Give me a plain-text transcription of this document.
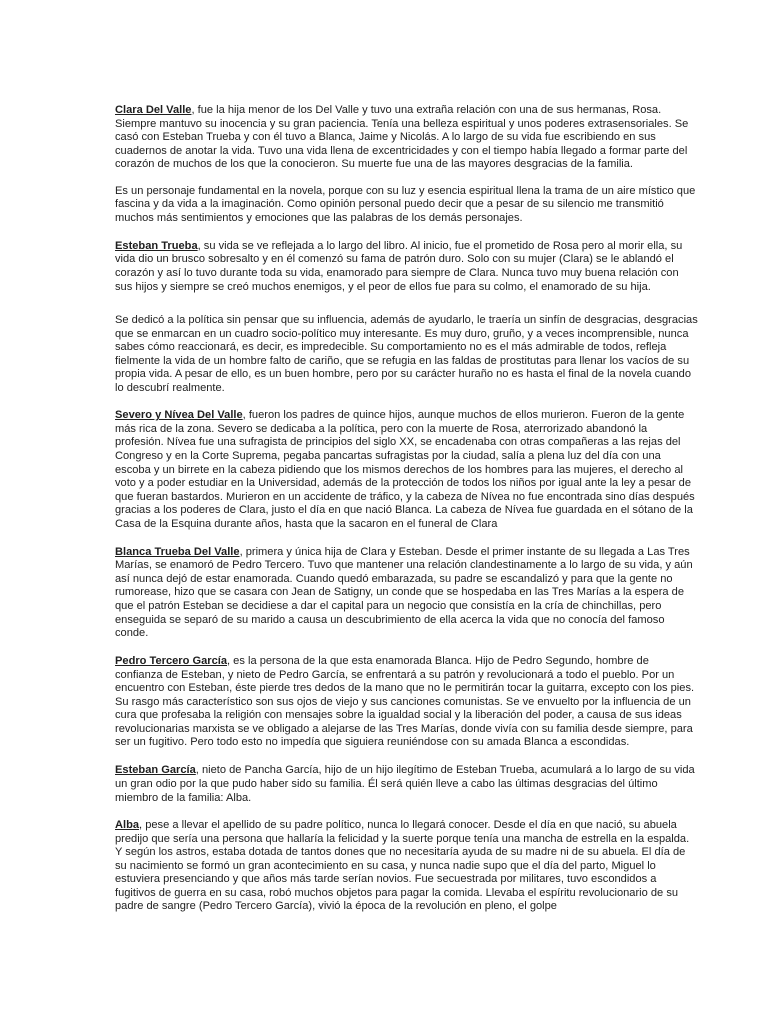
Clara Del Valle, fue la hija menor de los Del Valle y tuvo una extraña relación con una de sus hermanas, Rosa. Siempre mantuvo su inocencia y su gran paciencia. Tenía una belleza espiritual y unos poderes extrasensoriales. Se casó con Esteban Trueba y con él tuvo a Blanca, Jaime y Nicolás. A lo largo de su vida fue escribiendo en sus cuadernos de anotar la vida. Tuvo una vida llena de excentricidades y con el tiempo había llegado a formar parte del corazón de muchos de los que la conocieron. Su muerte fue una de las mayores desgracias de la familia.

Es un personaje fundamental en la novela, porque con su luz y esencia espiritual llena la trama de un aire místico que fascina y da vida a la imaginación. Como opinión personal puedo decir que a pesar de su silencio me transmitió muchos más sentimientos y emociones que las palabras de los demás personajes.

Esteban Trueba, su vida se ve reflejada a lo largo del libro. Al inicio, fue el prometido de Rosa pero al morir ella, su vida dio un brusco sobresalto y en él comenzó su fama de patrón duro. Solo con su mujer (Clara) se le ablandó el corazón y así lo tuvo durante toda su vida, enamorado para siempre de Clara. Nunca tuvo muy buena relación con sus hijos y siempre se creó muchos enemigos, y el peor de ellos fue para su colmo, el enamorado de su hija.

Se dedicó a la política sin pensar que su influencia, además de ayudarlo, le traería un sinfín de desgracias, desgracias que se enmarcan en un cuadro socio-político muy interesante. Es muy duro, gruño, y a veces incomprensible, nunca sabes cómo reaccionará, es decir, es impredecible. Su comportamiento no es el más admirable de todos, refleja fielmente la vida de un hombre falto de cariño, que se refugia en las faldas de prostitutas para llenar los vacíos de su propia vida. A pesar de ello, es un buen hombre, pero por su carácter huraño no es hasta el final de la novela cuando lo descubrí realmente.

Severo y Nívea Del Valle, fueron los padres de quince hijos, aunque muchos de ellos murieron. Fueron de la gente más rica de la zona. Severo se dedicaba a la política, pero con la muerte de Rosa, aterrorizado abandonó la profesión. Nívea fue una sufragista de principios del siglo XX, se encadenaba con otras compañeras a las rejas del Congreso y en la Corte Suprema, pegaba pancartas sufragistas por la ciudad, salía a plena luz del día con una escoba y un birrete en la cabeza pidiendo que los mismos derechos de los hombres para las mujeres, el derecho al voto y a poder estudiar en la Universidad, además de la protección de todos los niños por igual ante la ley a pesar de que fueran bastardos. Murieron en un accidente de tráfico, y la cabeza de Nívea no fue encontrada sino días después gracias a los poderes de Clara, justo el día en que nació Blanca. La cabeza de Nívea fue guardada en el sótano de la Casa de la Esquina durante años, hasta que la sacaron en el funeral de Clara

Blanca Trueba Del Valle, primera y única hija de Clara y Esteban. Desde el primer instante de su llegada a Las Tres Marías, se enamoró de Pedro Tercero. Tuvo que mantener una relación clandestinamente a lo largo de su vida, y aún así nunca dejó de estar enamorada. Cuando quedó embarazada, su padre se escandalizó y para que la gente no rumorease, hizo que se casara con Jean de Satigny, un conde que se hospedaba en las Tres Marías a la espera de que el patrón Esteban se decidiese a dar el capital para un negocio que consistía en la cría de chinchillas, pero enseguida se separó de su marido a causa un descubrimiento de ella acerca la vida que no conocía del famoso conde.

Pedro Tercero García, es la persona de la que esta enamorada Blanca. Hijo de Pedro Segundo, hombre de confianza de Esteban, y nieto de Pedro García, se enfrentará a su patrón y revolucionará a todo el pueblo. Por un encuentro con Esteban, éste pierde tres dedos de la mano que no le permitirán tocar la guitarra, excepto con los pies. Su rasgo más característico son sus ojos de viejo y sus canciones comunistas. Se ve envuelto por la influencia de un cura que profesaba la religión con mensajes sobre la igualdad social y la liberación del poder, a causa de sus ideas revolucionarias marxista se ve obligado a alejarse de las Tres Marías, donde vivía con su familia desde siempre, para ser un fugitivo. Pero todo esto no impedía que siguiera reuniéndose con su amada Blanca a escondidas.

Esteban García, nieto de Pancha García, hijo de un hijo ilegítimo de Esteban Trueba, acumulará a lo largo de su vida un gran odio por la que pudo haber sido su familia. Él será quién lleve a cabo las últimas desgracias del último miembro de la familia: Alba.

Alba, pese a llevar el apellido de su padre político, nunca lo llegará conocer. Desde el día en que nació, su abuela predijo que sería una persona que hallaría la felicidad y la suerte porque tenía una mancha de estrella en la espalda. Y según los astros, estaba dotada de tantos dones que no necesitaría ayuda de su madre ni de su abuela. El día de su nacimiento se formó un gran acontecimiento en su casa, y nunca nadie supo que el día del parto, Miguel lo estuviera presenciando y que años más tarde serían novios. Fue secuestrada por militares, tuvo escondidos a fugitivos de guerra en su casa, robó muchos objetos para pagar la comida. Llevaba el espíritu revolucionario de su padre de sangre (Pedro Tercero García), vivió la época de la revolución en pleno, el golpe
